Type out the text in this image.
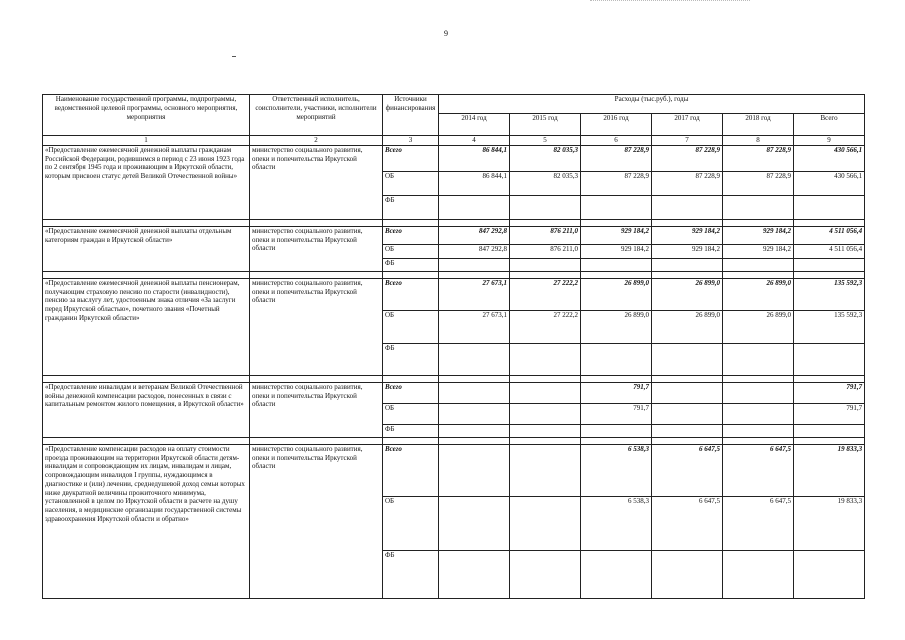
9
Наименование государственной программы, подпрограммы, ведомственной целевой программы, основного мероприятия, мероприятия	Ответственный исполнитель, соисполнители, участники, исполнители мероприятий	Источники финансирования	Расходы (тыс.руб.), годы					
			2014 год	2015 год	2016 год	2017 год	2018 год	Всего
1	2	3	4	5	6	7	8	9
«Предоставление ежемесячной денежной выплаты гражданам Российской Федерации, родившимся в период с 23 июня 1923 года по 2 сентября 1945 года и проживающим в Иркутской области, которым присвоен статус детей Великой Отечественной войны»	министерство социального развития, опеки и попечительства Иркутской области	Всего	86 844,1	82 035,3	87 228,9	87 228,9	87 228,9	430 566,1
		ОБ	86 844,1	82 035,3	87 228,9	87 228,9	87 228,9	430 566,1
		ФБ						

«Предоставление ежемесячной денежной выплаты отдельным категориям граждан в Иркутской области»	министерство социального развития, опеки и попечительства Иркутской области	Всего	847 292,8	876 211,0	929 184,2	929 184,2	929 184,2	4 511 056,4
		ОБ	847 292,8	876 211,0	929 184,2	929 184,2	929 184,2	4 511 056,4
		ФБ						

«Предоставление ежемесячной денежной выплаты пенсионерам, получающим страховую пенсию по старости (инвалидности), пенсию за выслугу лет, удостоенным знака отличия «За заслуги перед Иркутской областью», почетного звания «Почетный гражданин Иркутской области»	министерство социального развития, опеки и попечительства Иркутской области	Всего	27 673,1	27 222,2	26 899,0	26 899,0	26 899,0	135 592,3
		ОБ	27 673,1	27 222,2	26 899,0	26 899,0	26 899,0	135 592,3
		ФБ						

«Предоставление инвалидам и ветеранам Великой Отечественной войны денежной компенсации расходов, понесенных в связи с капитальным ремонтом жилого помещения, в Иркутской области»	министерство социального развития, опеки и попечительства Иркутской области	Всего			791,7			791,7
		ОБ			791,7			791,7
		ФБ						

«Предоставление компенсации расходов на оплату стоимости проезда проживающим на территории Иркутской области детям-инвалидам и сопровождающим их лицам, инвалидам и лицам, сопровождающим инвалидов I группы, нуждающимся в диагностике и (или) лечении, среднедушевой доход семьи которых ниже двукратной величины прожиточного минимума, установленной в целом по Иркутской области в расчете на душу населения, в медицинские организации государственной системы здравоохранения Иркутской области и обратно»	министерство социального развития, опеки и попечительства Иркутской области	Всего			6 538,3	6 647,5	6 647,5	19 833,3
		ОБ			6 538,3	6 647,5	6 647,5	19 833,3
		ФБ						
